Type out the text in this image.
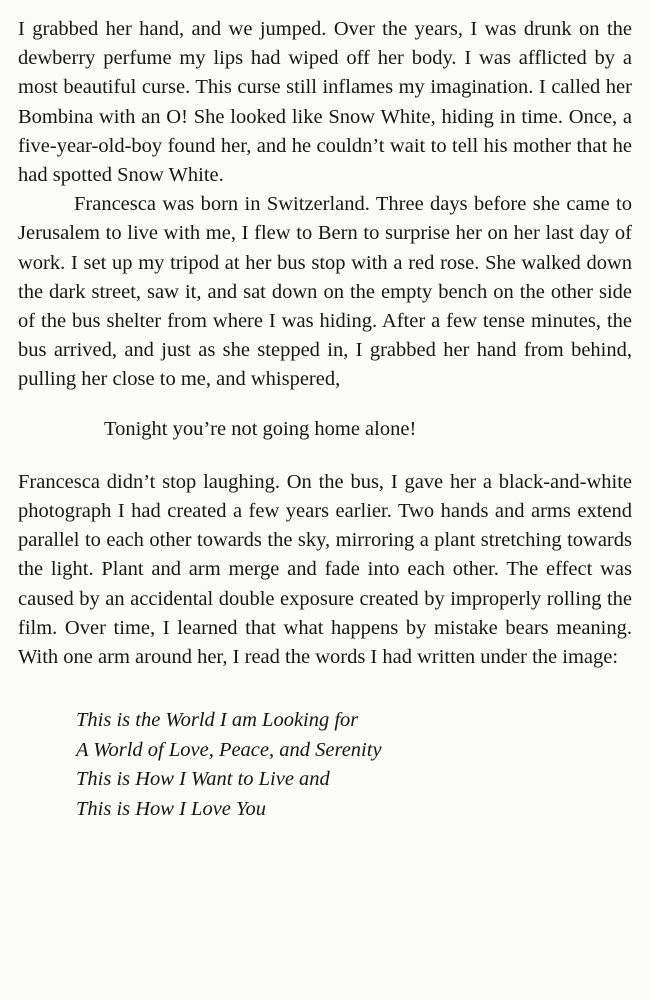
I grabbed her hand, and we jumped. Over the years, I was drunk on the dewberry perfume my lips had wiped off her body. I was afflicted by a most beautiful curse. This curse still inflames my imagination. I called her Bombina with an O! She looked like Snow White, hiding in time. Once, a five-year-old-boy found her, and he couldn’t wait to tell his mother that he had spotted Snow White.

Francesca was born in Switzerland. Three days before she came to Jerusalem to live with me, I flew to Bern to surprise her on her last day of work. I set up my tripod at her bus stop with a red rose. She walked down the dark street, saw it, and sat down on the empty bench on the other side of the bus shelter from where I was hiding. After a few tense minutes, the bus arrived, and just as she stepped in, I grabbed her hand from behind, pulling her close to me, and whispered,

Tonight you’re not going home alone!

Francesca didn’t stop laughing. On the bus, I gave her a black-and-white photograph I had created a few years earlier. Two hands and arms extend parallel to each other towards the sky, mirroring a plant stretching towards the light. Plant and arm merge and fade into each other. The effect was caused by an accidental double exposure created by improperly rolling the film. Over time, I learned that what happens by mistake bears meaning. With one arm around her, I read the words I had written under the image:

This is the World I am Looking for
A World of Love, Peace, and Serenity
This is How I Want to Live and
This is How I Love You
